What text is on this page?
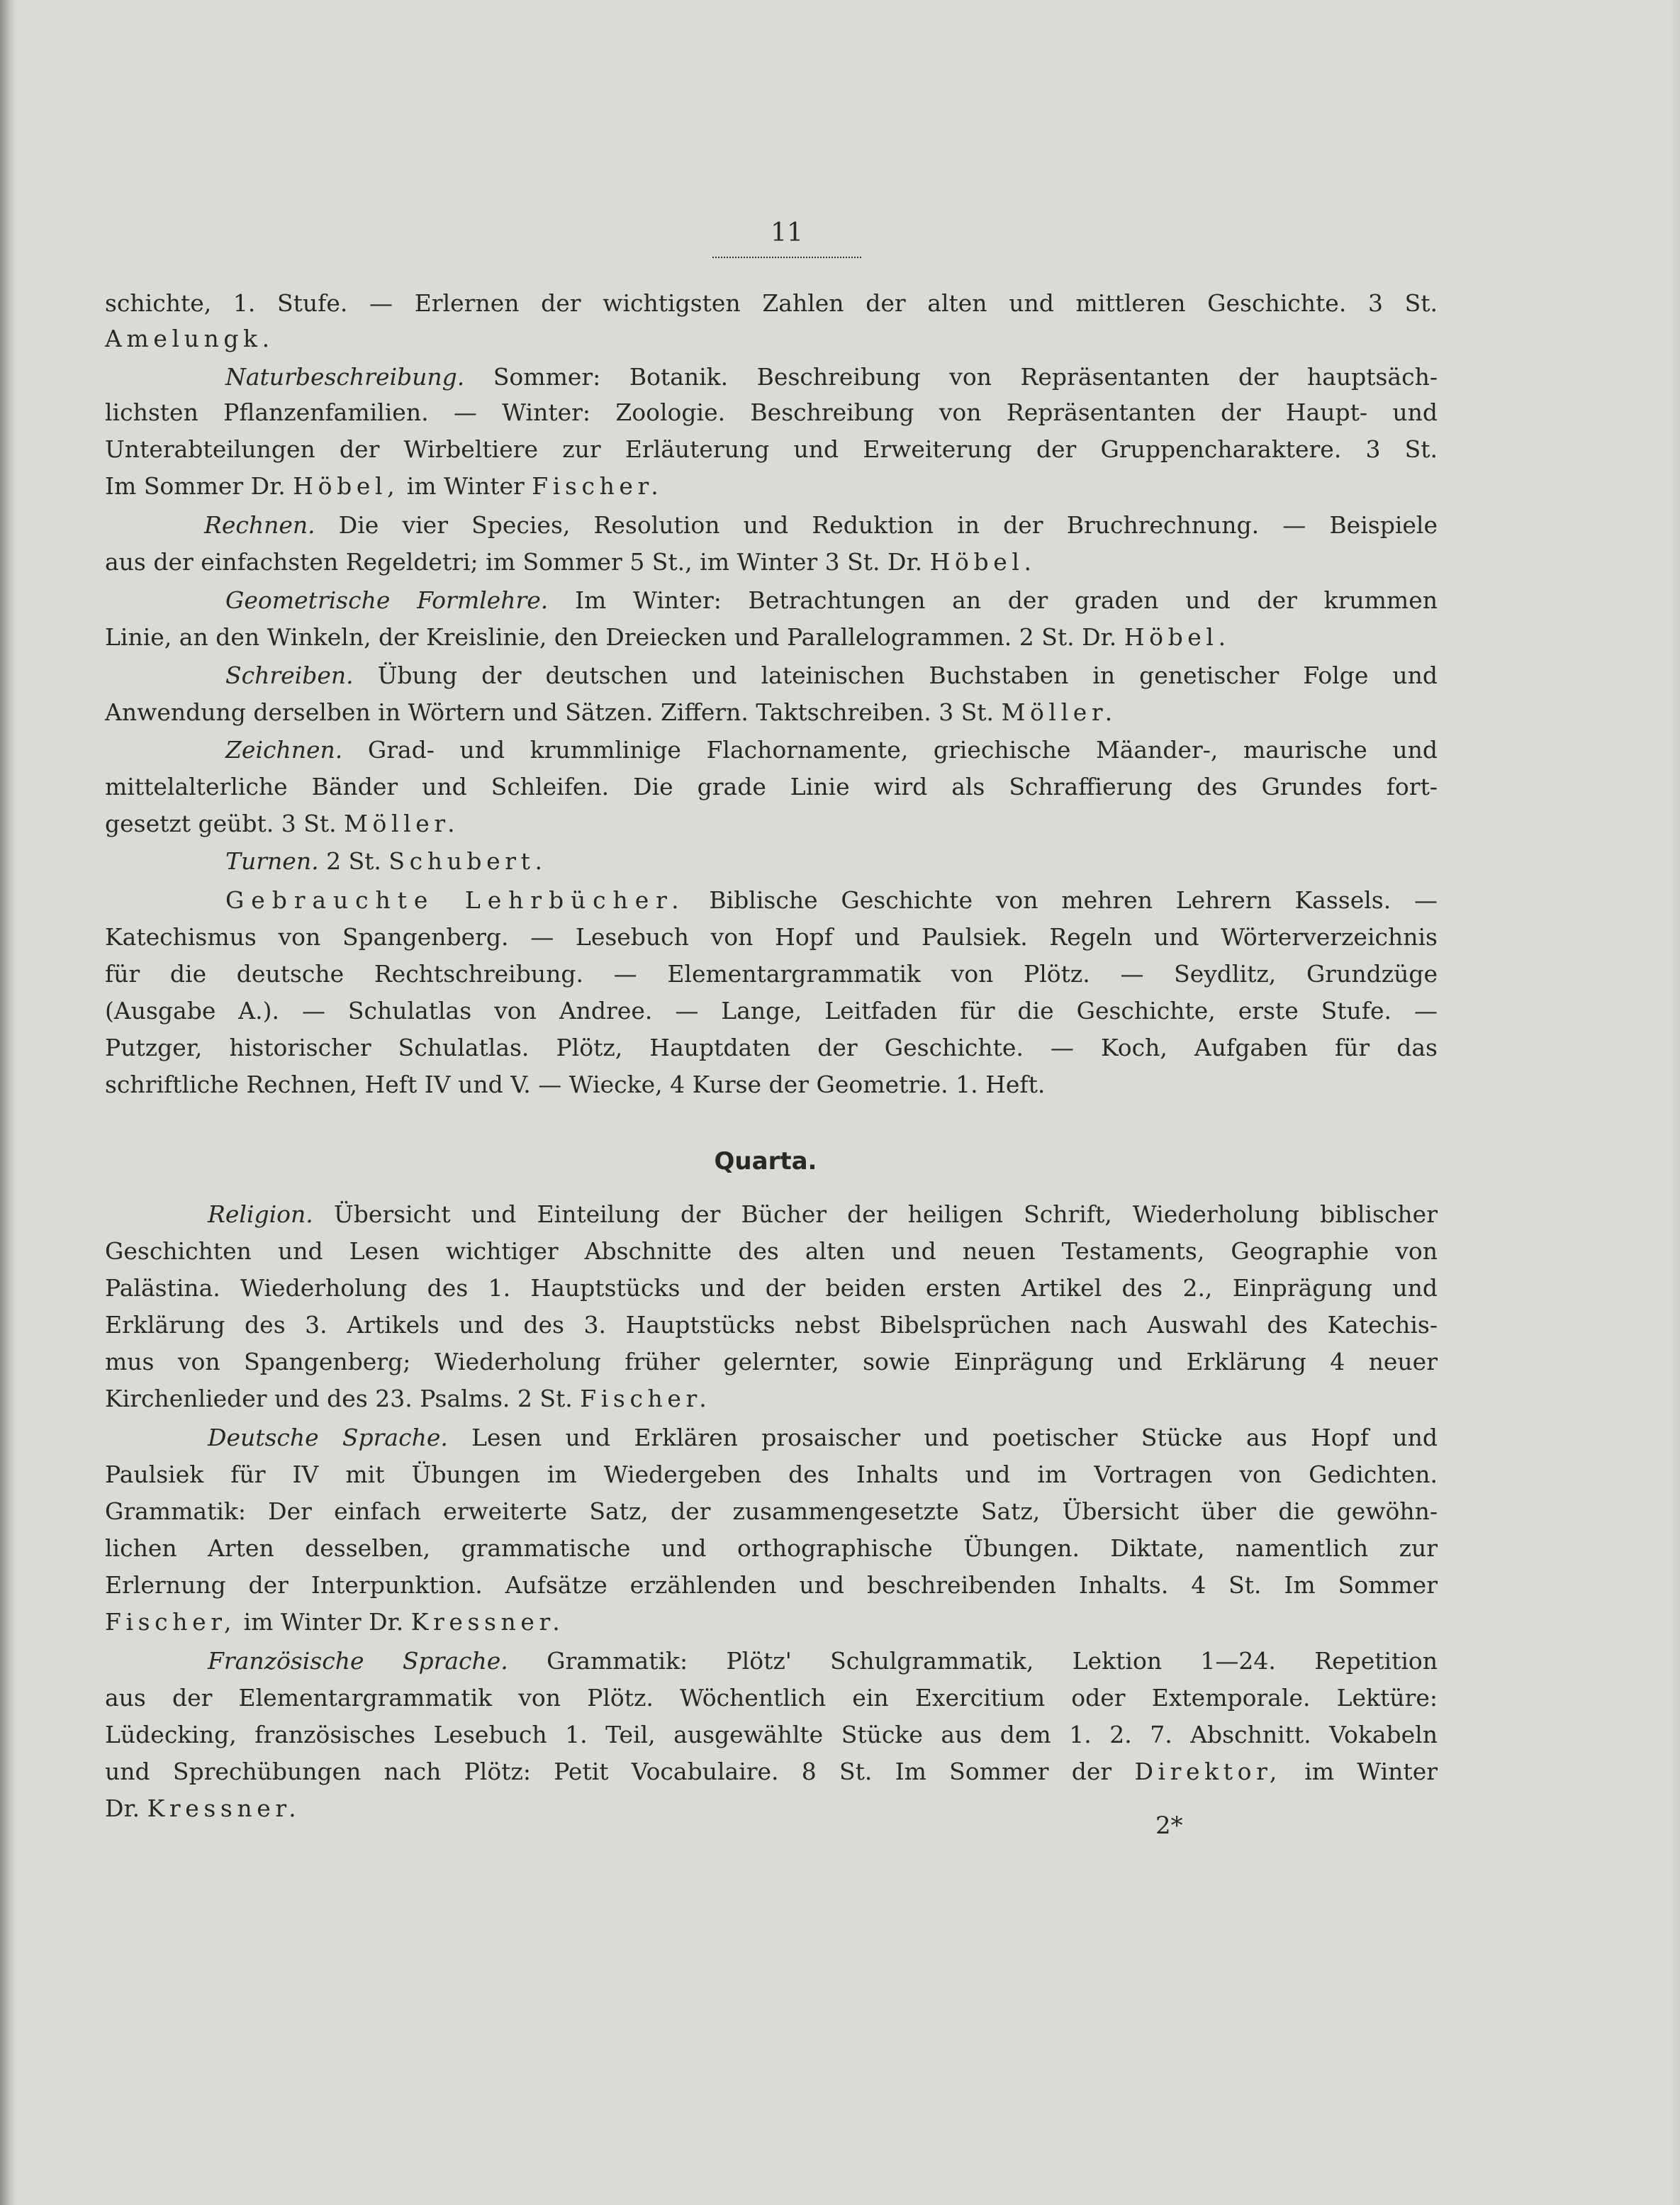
11
schichte, 1. Stufe. — Erlernen der wichtigsten Zahlen der alten und mittleren Geschichte. 3 St.
Amelungk.
Naturbeschreibung. Sommer: Botanik. Beschreibung von Repräsentanten der hauptsäch-
lichsten Pflanzenfamilien. — Winter: Zoologie. Beschreibung von Repräsentanten der Haupt- und
Unterabteilungen der Wirbeltiere zur Erläuterung und Erweiterung der Gruppencharaktere. 3 St.
Im Sommer Dr. Höbel, im Winter Fischer.
Rechnen. Die vier Species, Resolution und Reduktion in der Bruchrechnung. — Beispiele
aus der einfachsten Regeldetri; im Sommer 5 St., im Winter 3 St. Dr. Höbel.
Geometrische Formlehre. Im Winter: Betrachtungen an der graden und der krummen
Linie, an den Winkeln, der Kreislinie, den Dreiecken und Parallelogrammen. 2 St. Dr. Höbel.
Schreiben. Übung der deutschen und lateinischen Buchstaben in genetischer Folge und
Anwendung derselben in Wörtern und Sätzen. Ziffern. Taktschreiben. 3 St. Möller.
Zeichnen. Grad- und krummlinige Flachornamente, griechische Mäander-, maurische und
mittelalterliche Bänder und Schleifen. Die grade Linie wird als Schraffierung des Grundes fort-
gesetzt geübt. 3 St. Möller.
Turnen. 2 St. Schubert.
Gebrauchte Lehrbücher. Biblische Geschichte von mehren Lehrern Kassels. —
Katechismus von Spangenberg. — Lesebuch von Hopf und Paulsiek. Regeln und Wörterverzeichnis
für die deutsche Rechtschreibung. — Elementargrammatik von Plötz. — Seydlitz, Grundzüge
(Ausgabe A.). — Schulatlas von Andree. — Lange, Leitfaden für die Geschichte, erste Stufe. —
Putzger, historischer Schulatlas. Plötz, Hauptdaten der Geschichte. — Koch, Aufgaben für das
schriftliche Rechnen, Heft IV und V. — Wiecke, 4 Kurse der Geometrie. 1. Heft.
Religion. Übersicht und Einteilung der Bücher der heiligen Schrift, Wiederholung biblischer
Geschichten und Lesen wichtiger Abschnitte des alten und neuen Testaments, Geographie von
Palästina. Wiederholung des 1. Hauptstücks und der beiden ersten Artikel des 2., Einprägung und
Erklärung des 3. Artikels und des 3. Hauptstücks nebst Bibelsprüchen nach Auswahl des Katechis-
mus von Spangenberg; Wiederholung früher gelernter, sowie Einprägung und Erklärung 4 neuer
Kirchenlieder und des 23. Psalms. 2 St. Fischer.
Deutsche Sprache. Lesen und Erklären prosaischer und poetischer Stücke aus Hopf und
Paulsiek für IV mit Übungen im Wiedergeben des Inhalts und im Vortragen von Gedichten.
Grammatik: Der einfach erweiterte Satz, der zusammengesetzte Satz, Übersicht über die gewöhn-
lichen Arten desselben, grammatische und orthographische Übungen. Diktate, namentlich zur
Erlernung der Interpunktion. Aufsätze erzählenden und beschreibenden Inhalts. 4 St. Im Sommer
Fischer, im Winter Dr. Kressner.
Französische Sprache. Grammatik: Plötz' Schulgrammatik, Lektion 1—24. Repetition
aus der Elementargrammatik von Plötz. Wöchentlich ein Exercitium oder Extemporale. Lektüre:
Lüdecking, französisches Lesebuch 1. Teil, ausgewählte Stücke aus dem 1. 2. 7. Abschnitt. Vokabeln
und Sprechübungen nach Plötz: Petit Vocabulaire. 8 St. Im Sommer der Direktor, im Winter
Dr. Kressner.
Quarta.
2*
